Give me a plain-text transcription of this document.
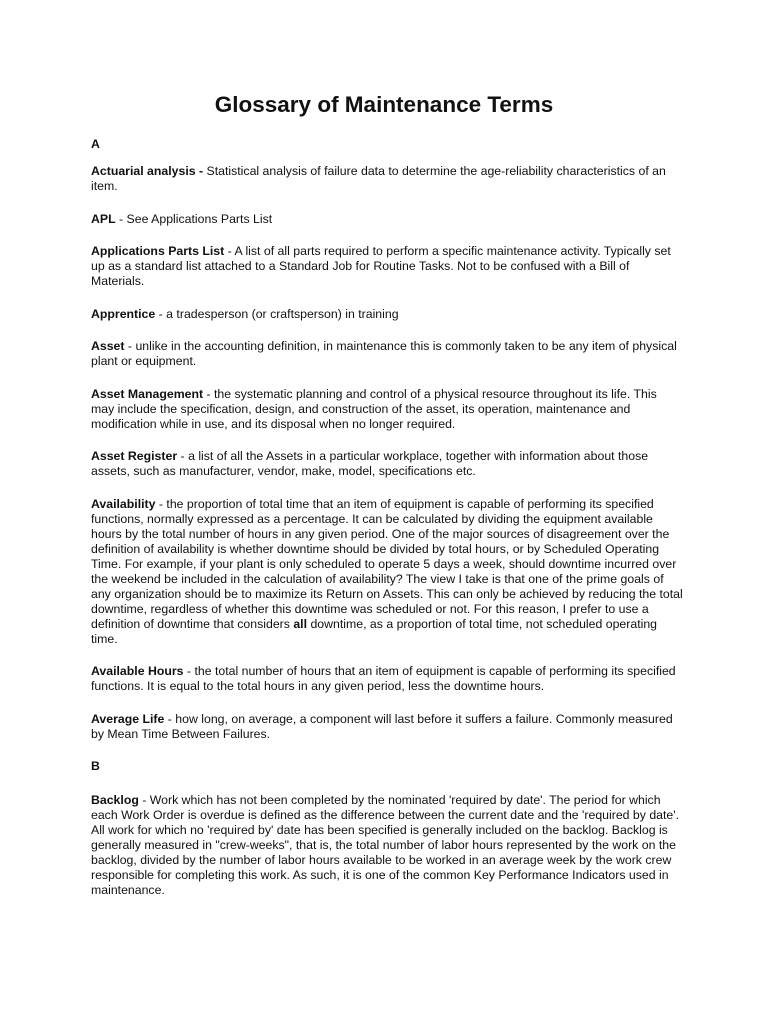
Glossary of Maintenance Terms

A

Actuarial analysis - Statistical analysis of failure data to determine the age-reliability characteristics of an item.

APL - See Applications Parts List

Applications Parts List - A list of all parts required to perform a specific maintenance activity. Typically set up as a standard list attached to a Standard Job for Routine Tasks. Not to be confused with a Bill of Materials.

Apprentice - a tradesperson (or craftsperson) in training

Asset - unlike in the accounting definition, in maintenance this is commonly taken to be any item of physical plant or equipment.

Asset Management - the systematic planning and control of a physical resource throughout its life. This may include the specification, design, and construction of the asset, its operation, maintenance and modification while in use, and its disposal when no longer required.

Asset Register - a list of all the Assets in a particular workplace, together with information about those assets, such as manufacturer, vendor, make, model, specifications etc.

Availability - the proportion of total time that an item of equipment is capable of performing its specified functions, normally expressed as a percentage. It can be calculated by dividing the equipment available hours by the total number of hours in any given period. One of the major sources of disagreement over the definition of availability is whether downtime should be divided by total hours, or by Scheduled Operating Time. For example, if your plant is only scheduled to operate 5 days a week, should downtime incurred over the weekend be included in the calculation of availability? The view I take is that one of the prime goals of any organization should be to maximize its Return on Assets. This can only be achieved by reducing the total downtime, regardless of whether this downtime was scheduled or not. For this reason, I prefer to use a definition of downtime that considers all downtime, as a proportion of total time, not scheduled operating time.

Available Hours - the total number of hours that an item of equipment is capable of performing its specified functions. It is equal to the total hours in any given period, less the downtime hours.

Average Life - how long, on average, a component will last before it suffers a failure. Commonly measured by Mean Time Between Failures.

B

Backlog - Work which has not been completed by the nominated 'required by date'. The period for which each Work Order is overdue is defined as the difference between the current date and the 'required by date'. All work for which no 'required by' date has been specified is generally included on the backlog. Backlog is generally measured in "crew-weeks", that is, the total number of labor hours represented by the work on the backlog, divided by the number of labor hours available to be worked in an average week by the work crew responsible for completing this work. As such, it is one of the common Key Performance Indicators used in maintenance.
